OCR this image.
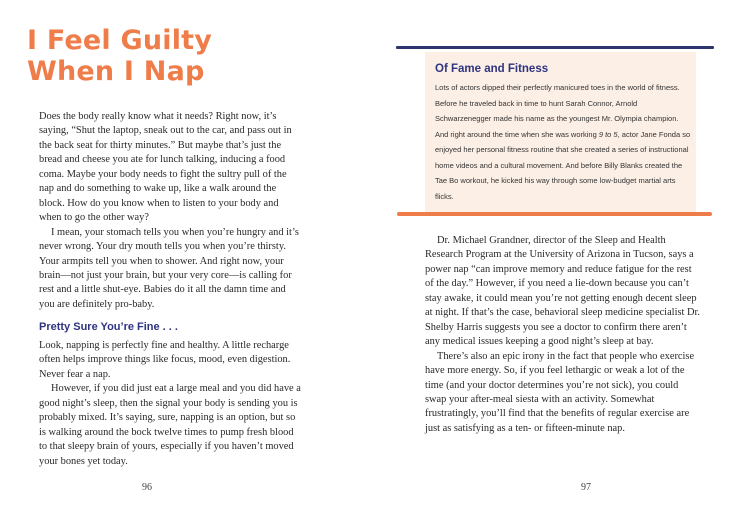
I Feel Guilty
When I Nap

Does the body really know what it needs? Right now, it’s saying, “Shut the laptop, sneak out to the car, and pass out in the back seat for thirty minutes.” But maybe that’s just the bread and cheese you ate for lunch talking, inducing a food coma. Maybe your body needs to fight the sultry pull of the nap and do something to wake up, like a walk around the block. How do you know when to listen to your body and when to go the other way?

I mean, your stomach tells you when you’re hungry and it’s never wrong. Your dry mouth tells you when you’re thirsty. Your armpits tell you when to shower. And right now, your brain—not just your brain, but your very core—is calling for rest and a little shut-eye. Babies do it all the damn time and you are definitely pro-baby.

Pretty Sure You’re Fine . . .

Look, napping is perfectly fine and healthy. A little recharge often helps improve things like focus, mood, even digestion. Never fear a nap.

However, if you did just eat a large meal and you did have a good night’s sleep, then the signal your body is sending you is probably mixed. It’s saying, sure, napping is an option, but so is walking around the bock twelve times to pump fresh blood to that sleepy brain of yours, especially if you haven’t moved your bones yet today.

96
Of Fame and Fitness
Lots of actors dipped their perfectly manicured toes in the world of fitness. Before he traveled back in time to hunt Sarah Connor, Arnold Schwarzenegger made his name as the youngest Mr. Olympia champion. And right around the time when she was working 9 to 5, actor Jane Fonda so enjoyed her personal fitness routine that she created a series of instructional home videos and a cultural movement. And before Billy Blanks created the Tae Bo workout, he kicked his way through some low-budget martial arts flicks.

Dr. Michael Grandner, director of the Sleep and Health Research Program at the University of Arizona in Tucson, says a power nap “can improve memory and reduce fatigue for the rest of the day.” However, if you need a lie-down because you can’t stay awake, it could mean you’re not getting enough decent sleep at night. If that’s the case, behavioral sleep medicine specialist Dr. Shelby Harris suggests you see a doctor to confirm there aren’t any medical issues keeping a good night’s sleep at bay.

There’s also an epic irony in the fact that people who exercise have more energy. So, if you feel lethargic or weak a lot of the time (and your doctor determines you’re not sick), you could swap your after-meal siesta with an activity. Somewhat frustratingly, you’ll find that the benefits of regular exercise are just as satisfying as a ten- or fifteen-minute nap.

97
